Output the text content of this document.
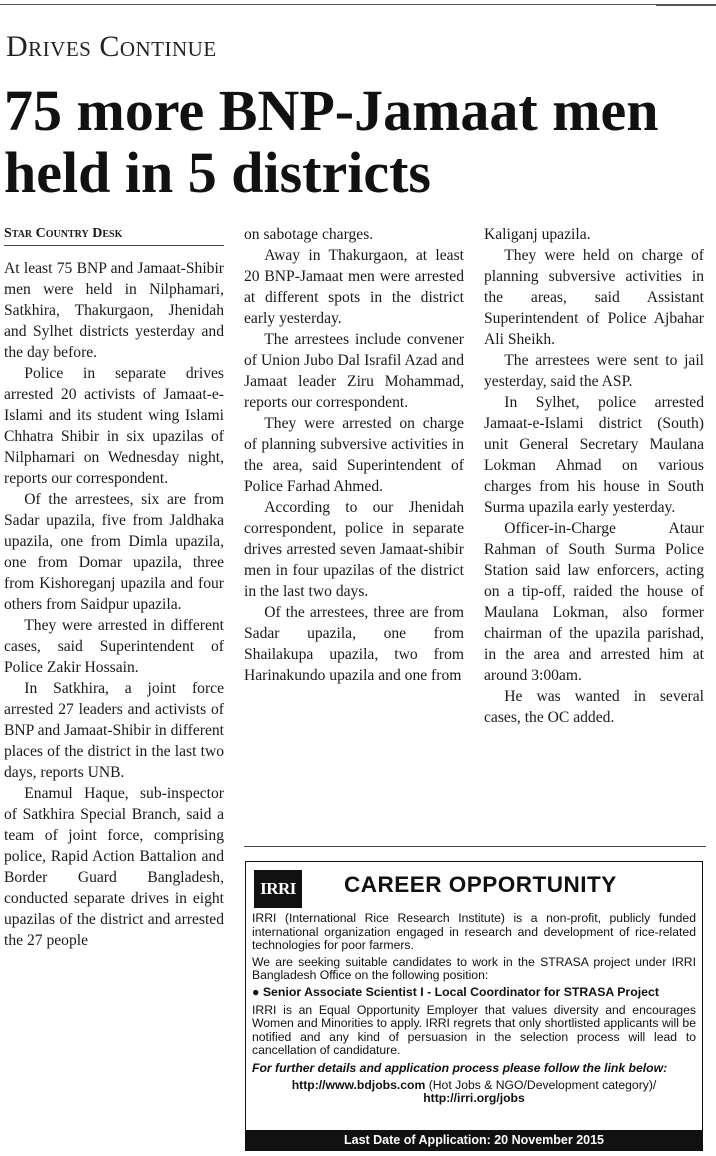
Drives Continue
75 more BNP-Jamaat men held in 5 districts
Star Country Desk

At least 75 BNP and Jamaat-Shibir men were held in Nilphamari, Satkhira, Thakurgaon, Jhenidah and Sylhet districts yesterday and the day before.

Police in separate drives arrested 20 activists of Jamaat-e-Islami and its student wing Islami Chhatra Shibir in six upazilas of Nilphamari on Wednesday night, reports our correspondent.

Of the arrestees, six are from Sadar upazila, five from Jaldhaka upazila, one from Dimla upazila, one from Domar upazila, three from Kishoreganj upazila and four others from Saidpur upazila.

They were arrested in different cases, said Superintendent of Police Zakir Hossain.

In Satkhira, a joint force arrested 27 leaders and activists of BNP and Jamaat-Shibir in different places of the district in the last two days, reports UNB.

Enamul Haque, sub-inspector of Satkhira Special Branch, said a team of joint force, comprising police, Rapid Action Battalion and Border Guard Bangladesh, conducted separate drives in eight upazilas of the district and arrested the 27 people

on sabotage charges.

Away in Thakurgaon, at least 20 BNP-Jamaat men were arrested at different spots in the district early yesterday.

The arrestees include convener of Union Jubo Dal Israfil Azad and Jamaat leader Ziru Mohammad, reports our correspondent.

They were arrested on charge of planning subversive activities in the area, said Superintendent of Police Farhad Ahmed.

According to our Jhenidah correspondent, police in separate drives arrested seven Jamaat-shibir men in four upazilas of the district in the last two days.

Of the arrestees, three are from Sadar upazila, one from Shailakupa upazila, two from Harinakundo upazila and one from

Kaliganj upazila.

They were held on charge of planning subversive activities in the areas, said Assistant Superintendent of Police Ajbahar Ali Sheikh.

The arrestees were sent to jail yesterday, said the ASP.

In Sylhet, police arrested Jamaat-e-Islami district (South) unit General Secretary Maulana Lokman Ahmad on various charges from his house in South Surma upazila early yesterday.

Officer-in-Charge Ataur Rahman of South Surma Police Station said law enforcers, acting on a tip-off, raided the house of Maulana Lokman, also former chairman of the upazila parishad, in the area and arrested him at around 3:00am.

He was wanted in several cases, the OC added.

IRRI CAREER OPPORTUNITY

IRRI (International Rice Research Institute) is a non-profit, publicly funded international organization engaged in research and development of rice-related technologies for poor farmers.

We are seeking suitable candidates to work in the STRASA project under IRRI Bangladesh Office on the following position:

● Senior Associate Scientist I - Local Coordinator for STRASA Project

IRRI is an Equal Opportunity Employer that values diversity and encourages Women and Minorities to apply. IRRI regrets that only shortlisted applicants will be notified and any kind of persuasion in the selection process will lead to cancellation of candidature.

For further details and application process please follow the link below:

http://www.bdjobs.com (Hot Jobs & NGO/Development category)/
http://irri.org/jobs
Last Date of Application: 20 November 2015
